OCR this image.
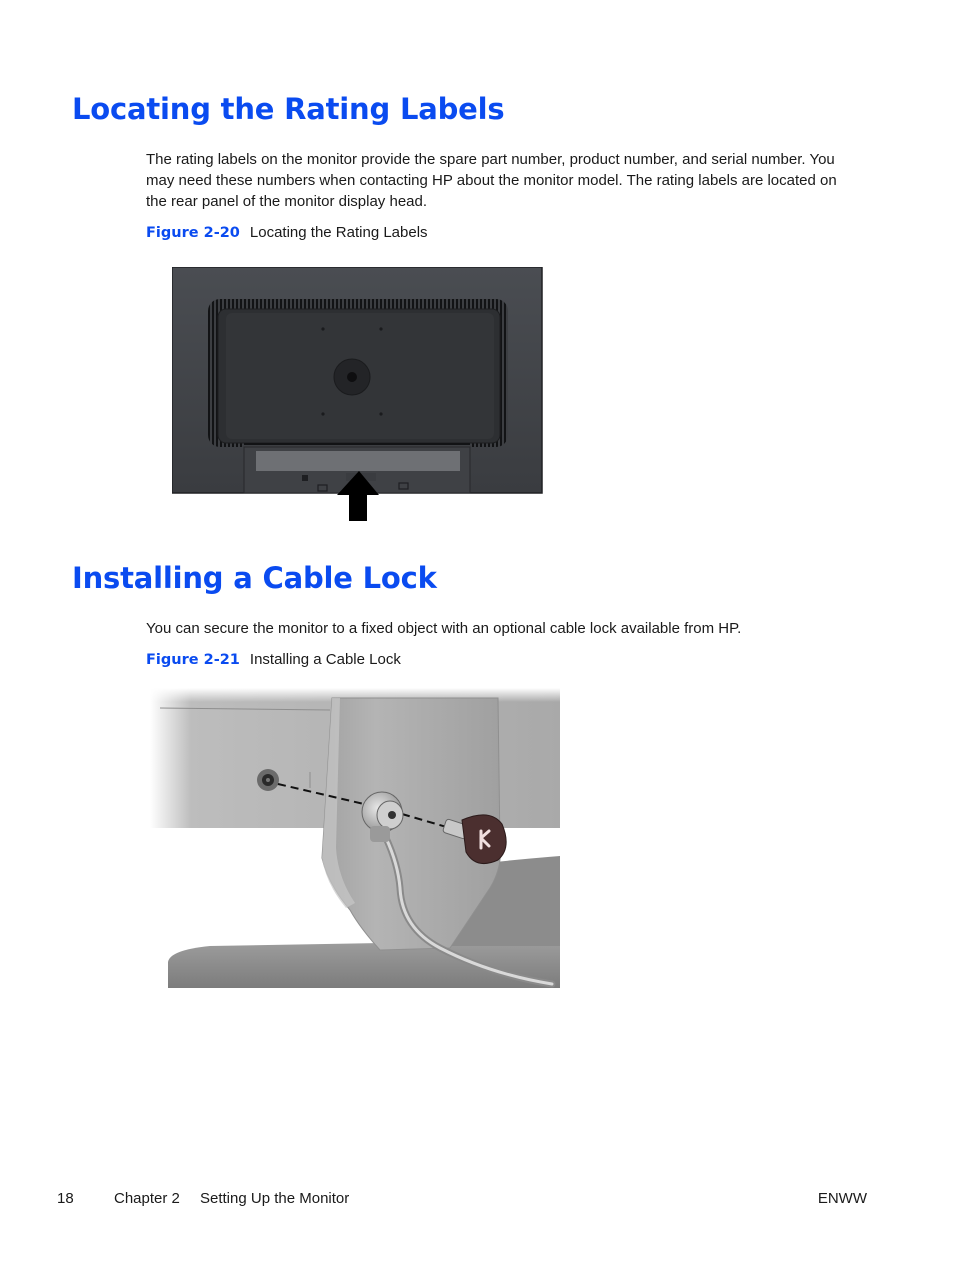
Locating the Rating Labels

The rating labels on the monitor provide the spare part number, product number, and serial number. You may need these numbers when contacting HP about the monitor model. The rating labels are located on the rear panel of the monitor display head.

Figure 2-20 Locating the Rating Labels

Installing a Cable Lock

You can secure the monitor to a fixed object with an optional cable lock available from HP.

Figure 2-21 Installing a Cable Lock

18	Chapter 2 Setting Up the Monitor	ENWW
